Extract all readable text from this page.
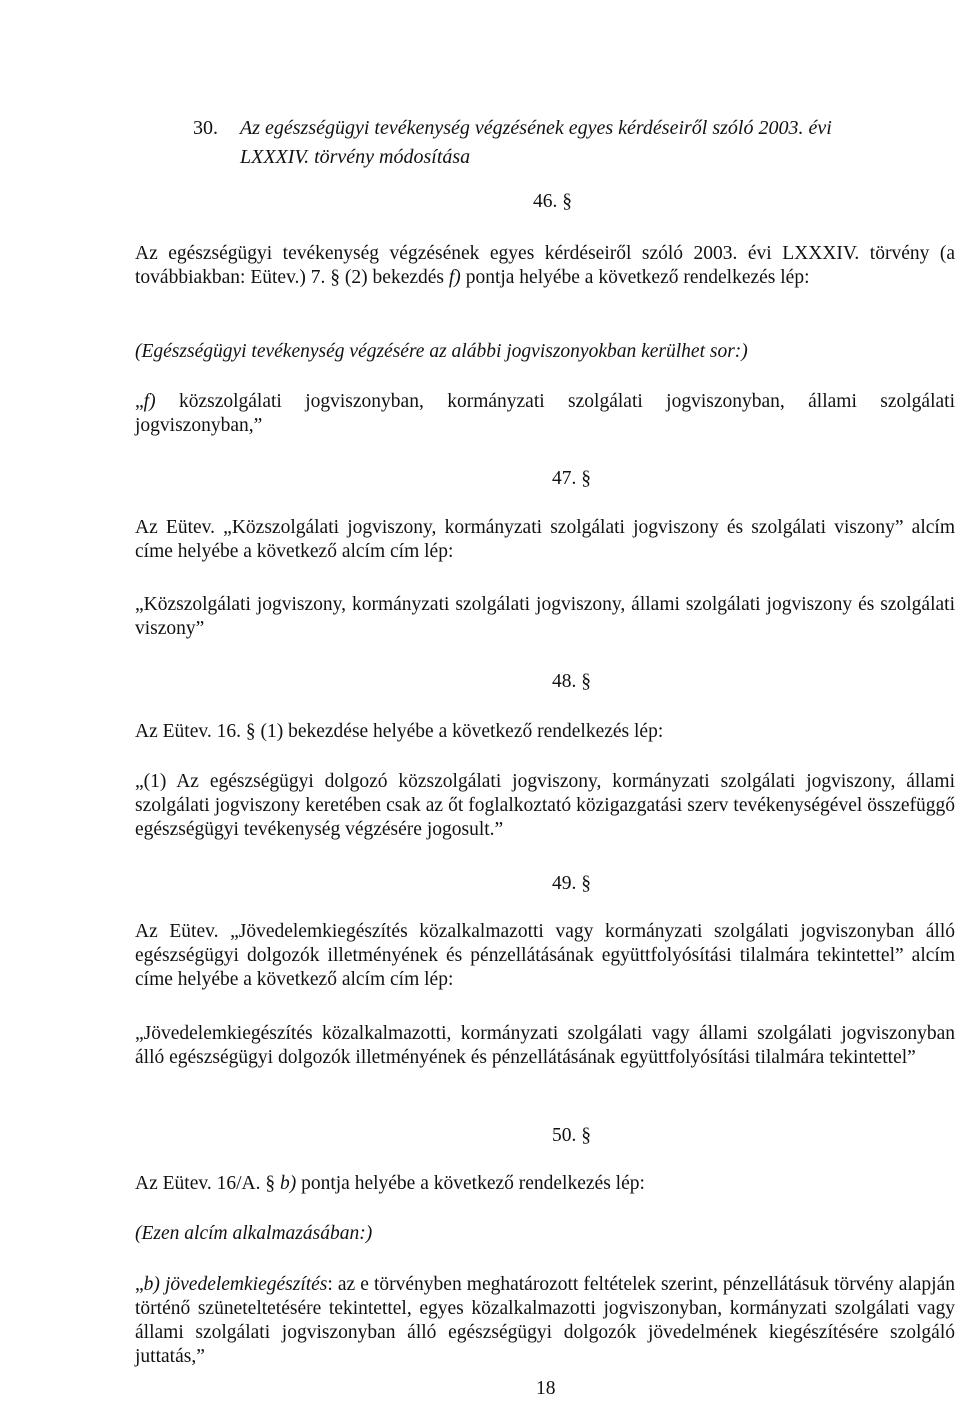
30. Az egészségügyi tevékenység végzésének egyes kérdéseiről szóló 2003. évi LXXXIV. törvény módosítása
46. §
Az egészségügyi tevékenység végzésének egyes kérdéseiről szóló 2003. évi LXXXIV. törvény (a továbbiakban: Eütev.) 7. § (2) bekezdés f) pontja helyébe a következő rendelkezés lép:
(Egészségügyi tevékenység végzésére az alábbi jogviszonyokban kerülhet sor:)
„f) közszolgálati jogviszonyban, kormányzati szolgálati jogviszonyban, állami szolgálati jogviszonyban,”
47. §
Az Eütev. „Közszolgálati jogviszony, kormányzati szolgálati jogviszony és szolgálati viszony” alcím címe helyébe a következő alcím cím lép:
„Közszolgálati jogviszony, kormányzati szolgálati jogviszony, állami szolgálati jogviszony és szolgálati viszony”
48. §
Az Eütev. 16. § (1) bekezdése helyébe a következő rendelkezés lép:
„(1) Az egészségügyi dolgozó közszolgálati jogviszony, kormányzati szolgálati jogviszony, állami szolgálati jogviszony keretében csak az őt foglalkoztató közigazgatási szerv tevékenységével összefüggő egészségügyi tevékenység végzésére jogosult.”
49. §
Az Eütev. „Jövedelemkiegészítés közalkalmazotti vagy kormányzati szolgálati jogviszonyban álló egészségügyi dolgozók illetményének és pénzellátásának együttfolyósítási tilalmára tekintettel” alcím címe helyébe a következő alcím cím lép:
„Jövedelemkiegészítés közalkalmazotti, kormányzati szolgálati vagy állami szolgálati jogviszonyban álló egészségügyi dolgozók illetményének és pénzellátásának együttfolyósítási tilalmára tekintettel”
50. §
Az Eütev. 16/A. § b) pontja helyébe a következő rendelkezés lép:
(Ezen alcím alkalmazásában:)
„b) jövedelemkiegészítés: az e törvényben meghatározott feltételek szerint, pénzellátásuk törvény alapján történő szüneteltetésére tekintettel, egyes közalkalmazotti jogviszonyban, kormányzati szolgálati vagy állami szolgálati jogviszonyban álló egészségügyi dolgozók jövedelmének kiegészítésére szolgáló juttatás,”
18
